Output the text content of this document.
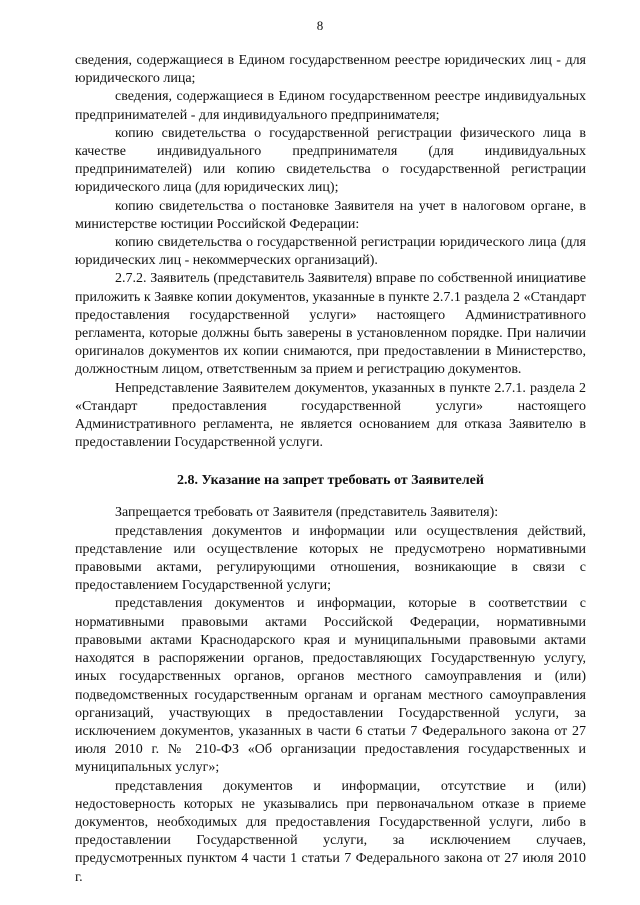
8

сведения, содержащиеся в Едином государственном реестре юридических лиц - для юридического лица;

сведения, содержащиеся в Едином государственном реестре индивидуальных предпринимателей - для индивидуального предпринимателя;

копию свидетельства о государственной регистрации физического лица в качестве индивидуального предпринимателя (для индивидуальных предпринимателей) или копию свидетельства о государственной регистрации юридического лица (для юридических лиц);

копию свидетельства о постановке Заявителя на учет в налоговом органе, в министерстве юстиции Российской Федерации:

копию свидетельства о государственной регистрации юридического лица (для юридических лиц - некоммерческих организаций).

2.7.2. Заявитель (представитель Заявителя) вправе по собственной инициативе приложить к Заявке копии документов, указанные в пункте 2.7.1 раздела 2 «Стандарт предоставления государственной услуги» настоящего Административного регламента, которые должны быть заверены в установленном порядке. При наличии оригиналов документов их копии снимаются, при предоставлении в Министерство, должностным лицом, ответственным за прием и регистрацию документов.

Непредставление Заявителем документов, указанных в пункте 2.7.1. раздела 2 «Стандарт предоставления государственной услуги» настоящего Административного регламента, не является основанием для отказа Заявителю в предоставлении Государственной услуги.

2.8. Указание на запрет требовать от Заявителей

Запрещается требовать от Заявителя (представитель Заявителя):

представления документов и информации или осуществления действий, представление или осуществление которых не предусмотрено нормативными правовыми актами, регулирующими отношения, возникающие в связи с предоставлением Государственной услуги;

представления документов и информации, которые в соответствии с нормативными правовыми актами Российской Федерации, нормативными правовыми актами Краснодарского края и муниципальными правовыми актами находятся в распоряжении органов, предоставляющих Государственную услугу, иных государственных органов, органов местного самоуправления и (или) подведомственных государственным органам и органам местного самоуправления организаций, участвующих в предоставлении Государственной услуги, за исключением документов, указанных в части 6 статьи 7 Федерального закона от 27 июля 2010 г. № 210-ФЗ «Об организации предоставления государственных и муниципальных услуг»;

представления документов и информации, отсутствие и (или) недостоверность которых не указывались при первоначальном отказе в приеме документов, необходимых для предоставления Государственной услуги, либо в предоставлении Государственной услуги, за исключением случаев, предусмотренных пунктом 4 части 1 статьи 7 Федерального закона от 27 июля 2010 г.
